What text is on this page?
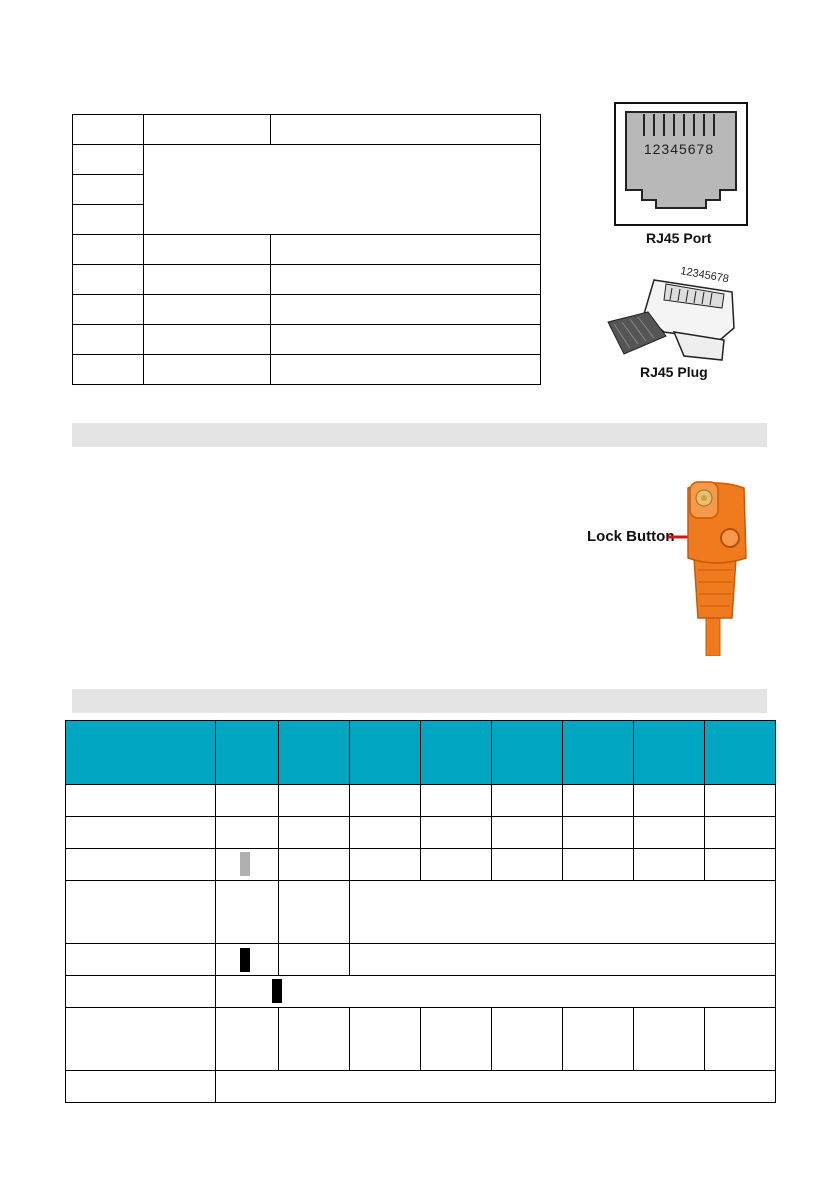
12345678
RJ45 Port
12345678
RJ45 Plug
Lock Button
